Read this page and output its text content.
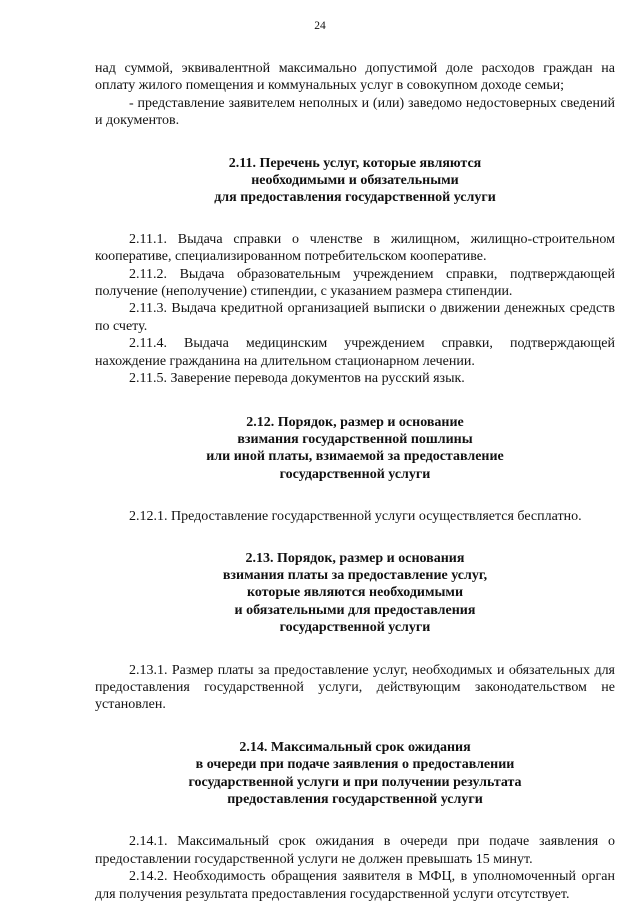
24

над суммой, эквивалентной максимально допустимой доле расходов граждан на оплату жилого помещения и коммунальных услуг в совокупном доходе семьи;

- представление заявителем неполных и (или) заведомо недостоверных сведений и документов.

2.11. Перечень услуг, которые являются
необходимыми и обязательными
для предоставления государственной услуги

2.11.1. Выдача справки о членстве в жилищном, жилищно-строительном кооперативе, специализированном потребительском кооперативе.

2.11.2. Выдача образовательным учреждением справки, подтверждающей получение (неполучение) стипендии, с указанием размера стипендии.

2.11.3. Выдача кредитной организацией выписки о движении денежных средств по счету.

2.11.4. Выдача медицинским учреждением справки, подтверждающей нахождение гражданина на длительном стационарном лечении.

2.11.5. Заверение перевода документов на русский язык.

2.12. Порядок, размер и основание
взимания государственной пошлины
или иной платы, взимаемой за предоставление
государственной услуги

2.12.1. Предоставление государственной услуги осуществляется бесплатно.

2.13. Порядок, размер и основания
взимания платы за предоставление услуг,
которые являются необходимыми
и обязательными для предоставления
государственной услуги

2.13.1. Размер платы за предоставление услуг, необходимых и обязательных для предоставления государственной услуги, действующим законодательством не установлен.

2.14. Максимальный срок ожидания
в очереди при подаче заявления о предоставлении
государственной услуги и при получении результата
предоставления государственной услуги

2.14.1. Максимальный срок ожидания в очереди при подаче заявления о предоставлении государственной услуги не должен превышать 15 минут.

2.14.2. Необходимость обращения заявителя в МФЦ, в уполномоченный орган для получения результата предоставления государственной услуги отсутствует.
